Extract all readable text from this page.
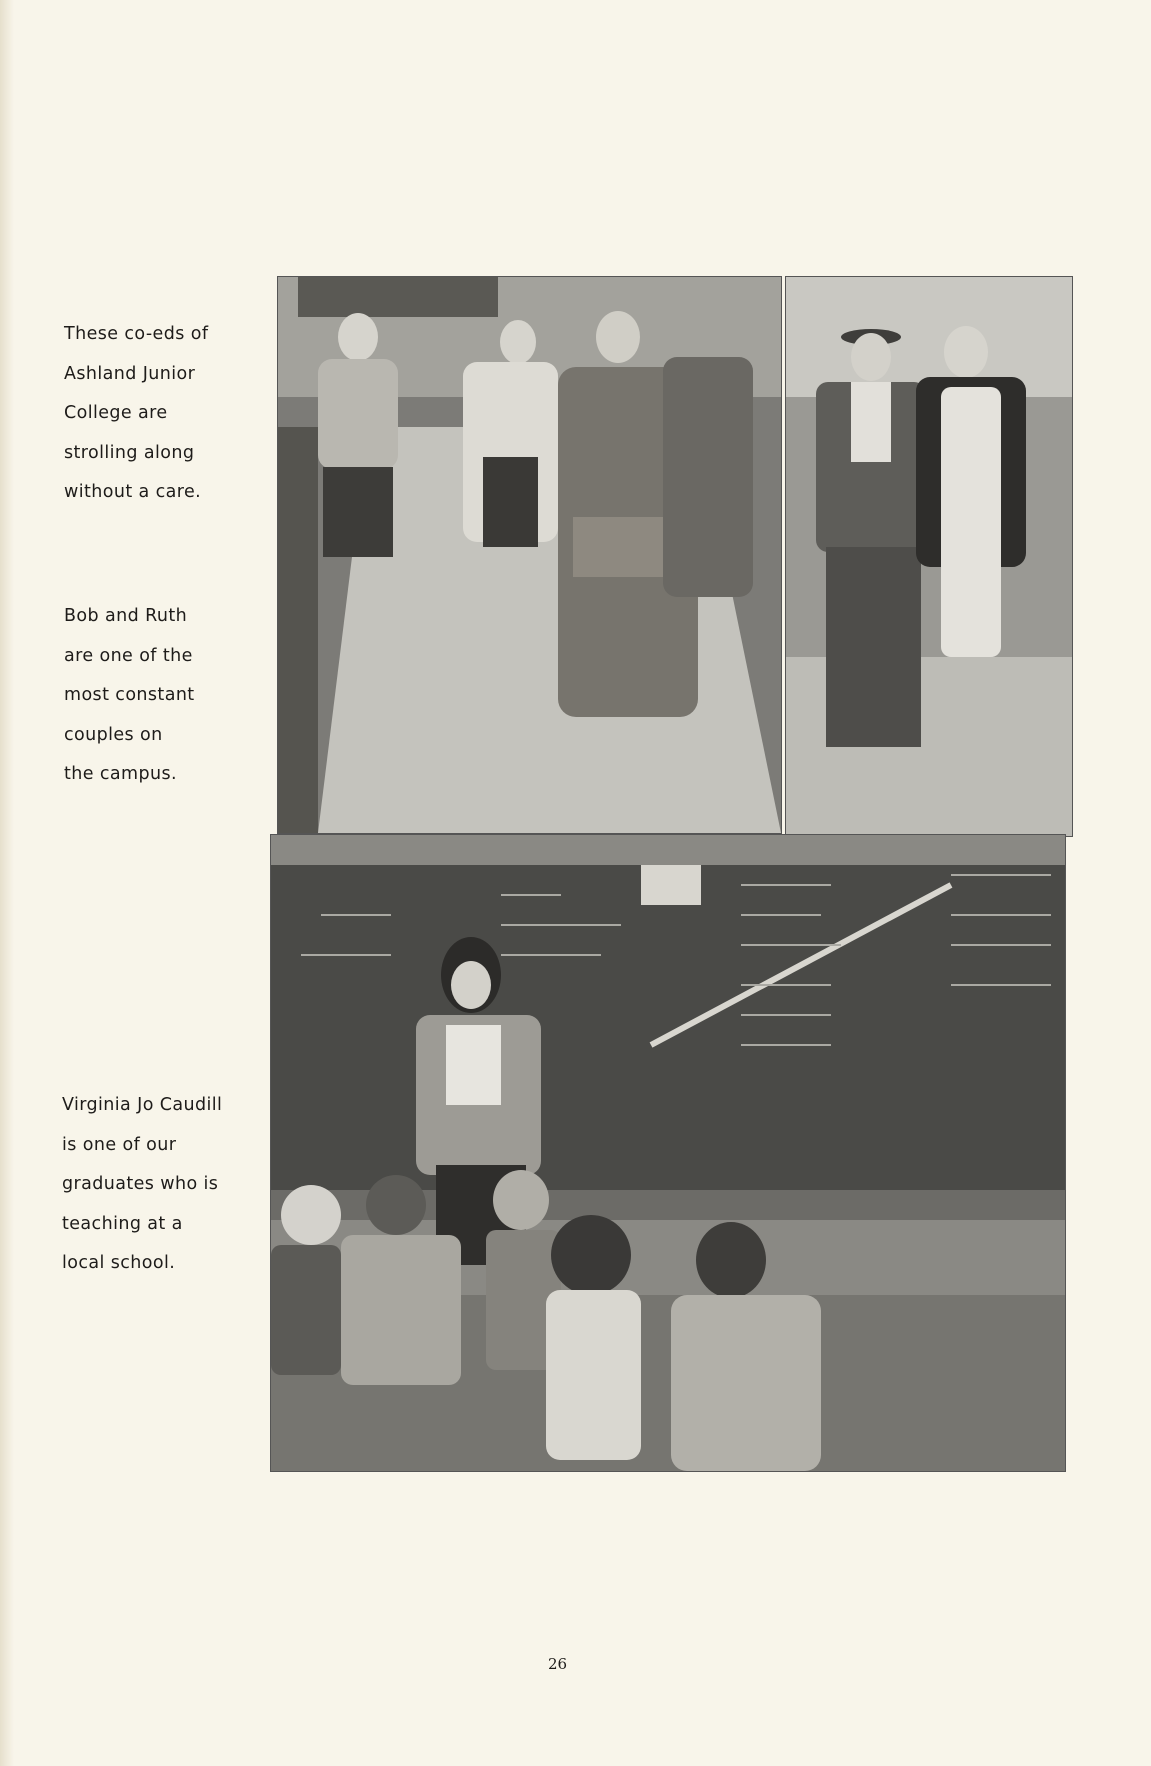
These co-eds of
Ashland Junior
College are
strolling along
without a care.
Bob and Ruth
are one of the
most constant
couples on
the campus.
Virginia Jo Caudill
is one of our
graduates who is
teaching at a
local school.
26
